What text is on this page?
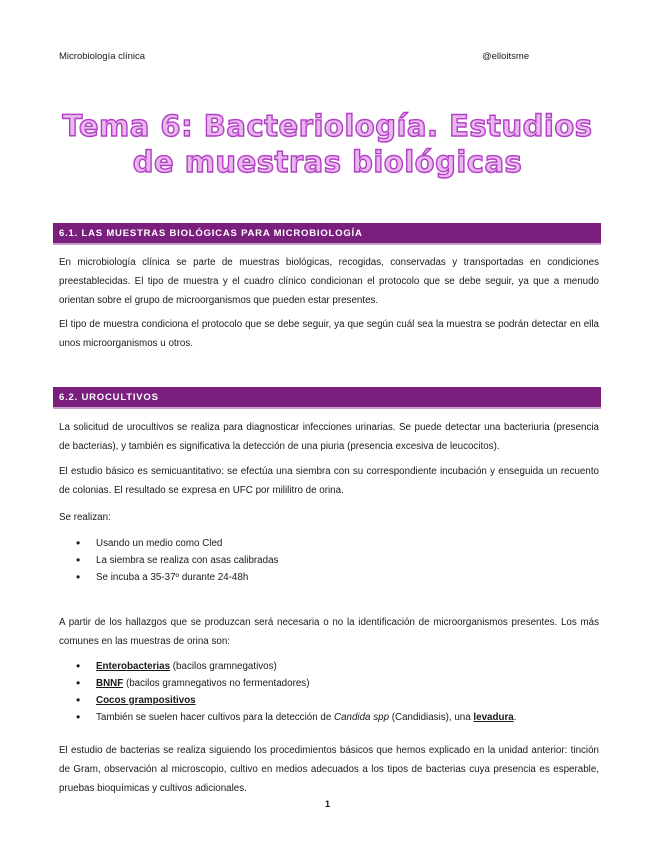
Microbiología clínica	@elloitsme
Tema 6: Bacteriología. Estudios de muestras biológicas
6.1. LAS MUESTRAS BIOLÓGICAS PARA MICROBIOLOGÍA
En microbiología clínica se parte de muestras biológicas, recogidas, conservadas y transportadas en condiciones preestablecidas. El tipo de muestra y el cuadro clínico condicionan el protocolo que se debe seguir, ya que a menudo orientan sobre el grupo de microorganismos que pueden estar presentes.
El tipo de muestra condiciona el protocolo que se debe seguir, ya que según cuál sea la muestra se podrán detectar en ella unos microorganismos u otros.
6.2. UROCULTIVOS
La solicitud de urocultivos se realiza para diagnosticar infecciones urinarias. Se puede detectar una bacteriuria (presencia de bacterias), y también es significativa la detección de una piuria (presencia excesiva de leucocitos).
El estudio básico es semicuantitativo: se efectúa una siembra con su correspondiente incubación y enseguida un recuento de colonias. El resultado se expresa en UFC por mililitro de orina.
Se realizan:
• Usando un medio como Cled
• La siembra se realiza con asas calibradas
• Se incuba a 35-37º durante 24-48h
A partir de los hallazgos que se produzcan será necesaria o no la identificación de microorganismos presentes. Los más comunes en las muestras de orina son:
• Enterobacterias (bacilos gramnegativos)
• BNNF (bacilos gramnegativos no fermentadores)
• Cocos grampositivos
• También se suelen hacer cultivos para la detección de Candida spp (Candidiasis), una levadura.
El estudio de bacterias se realiza siguiendo los procedimientos básicos que hemos explicado en la unidad anterior: tinción de Gram, observación al microscopio, cultivo en medios adecuados a los tipos de bacterias cuya presencia es esperable, pruebas bioquímicas y cultivos adicionales.
1
